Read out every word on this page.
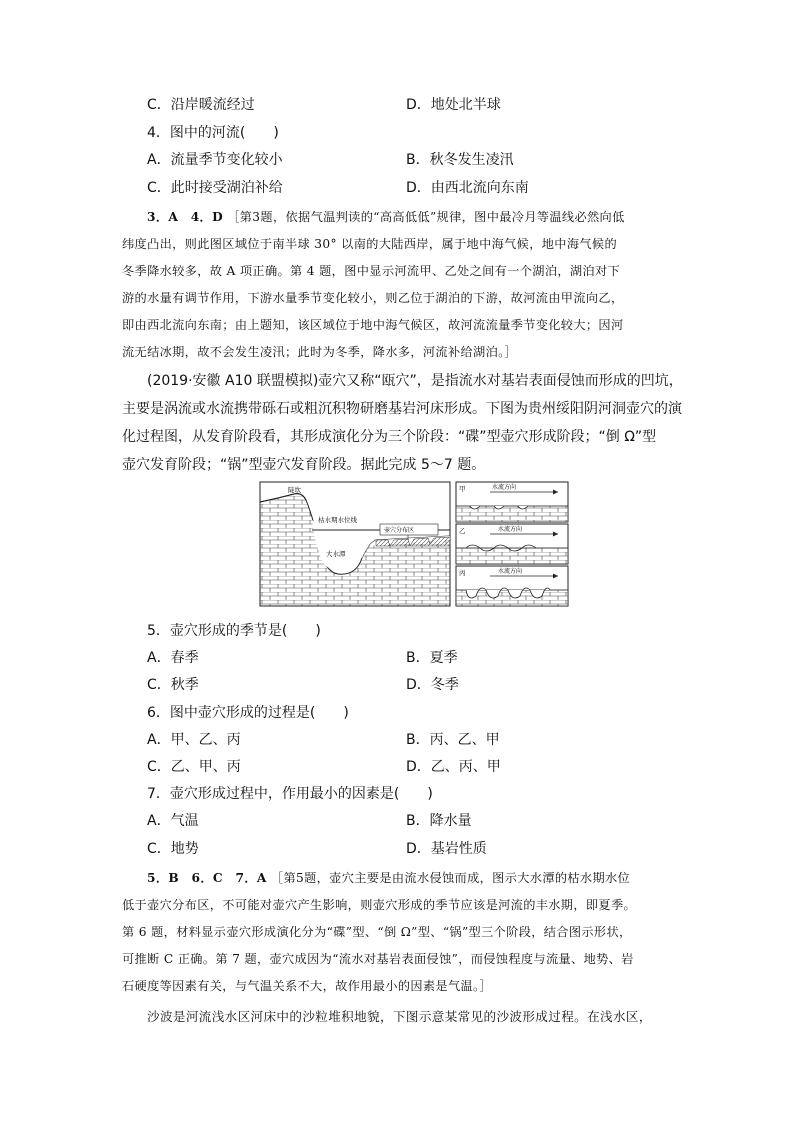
C．沿岸暖流经过	D．地处北半球
4．图中的河流(　　)
A．流量季节变化较小	B．秋冬发生凌汛
C．此时接受湖泊补给	D．由西北流向东南
3．A　4．D ［第3题，依据气温判读的“高高低低”规律，图中最冷月等温线必然向低
纬度凸出，则此图区域位于南半球 30° 以南的大陆西岸，属于地中海气候，地中海气候的
冬季降水较多，故 A 项正确。第 4 题，图中显示河流甲、乙处之间有一个湖泊，湖泊对下
游的水量有调节作用，下游水量季节变化较小，则乙位于湖泊的下游，故河流由甲流向乙，
即由西北流向东南；由上题知，该区域位于地中海气候区，故河流流量季节变化较大；因河
流无结冰期，故不会发生凌汛；此时为冬季，降水多，河流补给湖泊。］
(2019·安徽 A10 联盟模拟)壶穴又称“瓯穴”，是指流水对基岩表面侵蚀而形成的凹坑，
主要是涡流或水流携带砾石或粗沉积物研磨基岩河床形成。下图为贵州绥阳阴河洞壶穴的演
化过程图，从发育阶段看，其形成演化分为三个阶段：“碟”型壶穴形成阶段；“倒 Ω”型
壶穴发育阶段；“锅”型壶穴发育阶段。据此完成 5～7 题。
陡坎
枯水期水位线
壶穴分布区
大水潭
甲	水流方向
乙	水流方向
丙	水流方向
5．壶穴形成的季节是(　　)
A．春季	B．夏季
C．秋季	D．冬季
6．图中壶穴形成的过程是(　　)
A．甲、乙、丙	B．丙、乙、甲
C．乙、甲、丙	D．乙、丙、甲
7．壶穴形成过程中，作用最小的因素是(　　)
A．气温	B．降水量
C．地势	D．基岩性质
5．B　6．C　7．A ［第5题，壶穴主要是由流水侵蚀而成，图示大水潭的枯水期水位
低于壶穴分布区，不可能对壶穴产生影响，则壶穴形成的季节应该是河流的丰水期，即夏季。
第 6 题，材料显示壶穴形成演化分为“碟”型、“倒 Ω”型、“锅”型三个阶段，结合图示形状，
可推断 C 正确。第 7 题，壶穴成因为“流水对基岩表面侵蚀”，而侵蚀程度与流量、地势、岩
石硬度等因素有关，与气温关系不大，故作用最小的因素是气温。］
沙波是河流浅水区河床中的沙粒堆积地貌，下图示意某常见的沙波形成过程。在浅水区，
